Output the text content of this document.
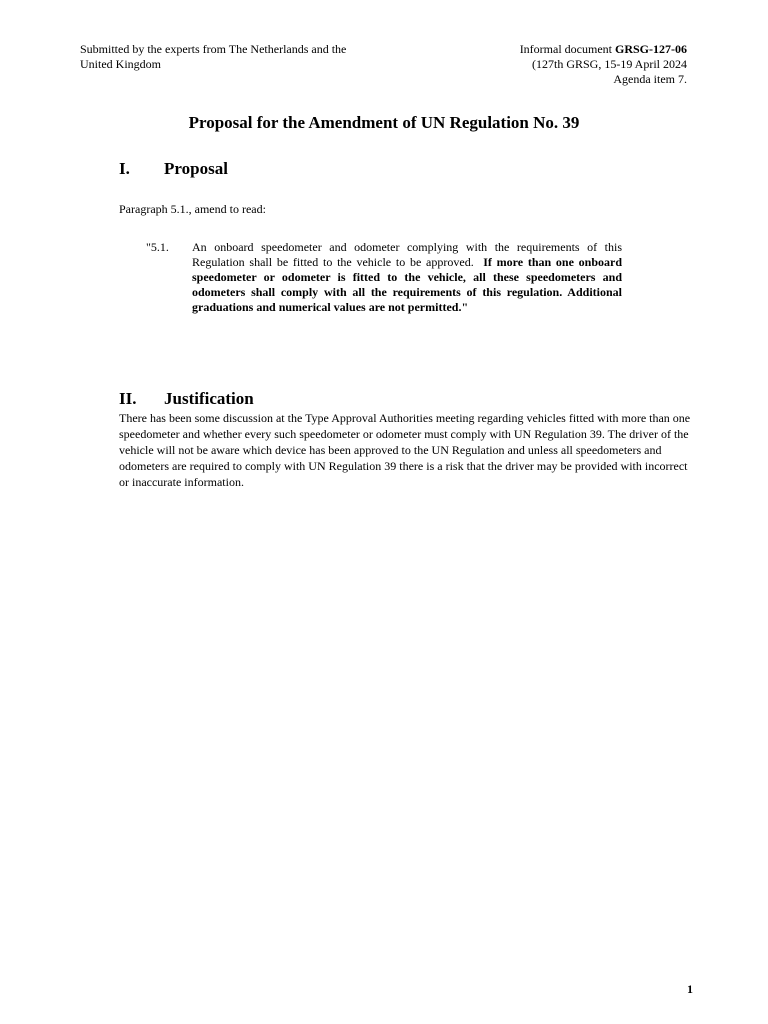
Submitted by the experts from The Netherlands and the
United Kingdom
Informal document GRSG-127-06
(127th GRSG, 15-19 April 2024
Agenda item 7.
Proposal for the Amendment of UN Regulation No. 39
I. Proposal
Paragraph 5.1., amend to read:
"5.1.	An onboard speedometer and odometer complying with the requirements of this Regulation shall be fitted to the vehicle to be approved. If more than one onboard speedometer or odometer is fitted to the vehicle, all these speedometers and odometers shall comply with all the requirements of this regulation. Additional graduations and numerical values are not permitted."
II. Justification
There has been some discussion at the Type Approval Authorities meeting regarding vehicles fitted with more than one speedometer and whether every such speedometer or odometer must comply with UN Regulation 39. The driver of the vehicle will not be aware which device has been approved to the UN Regulation and unless all speedometers and odometers are required to comply with UN Regulation 39 there is a risk that the driver may be provided with incorrect or inaccurate information.
1
